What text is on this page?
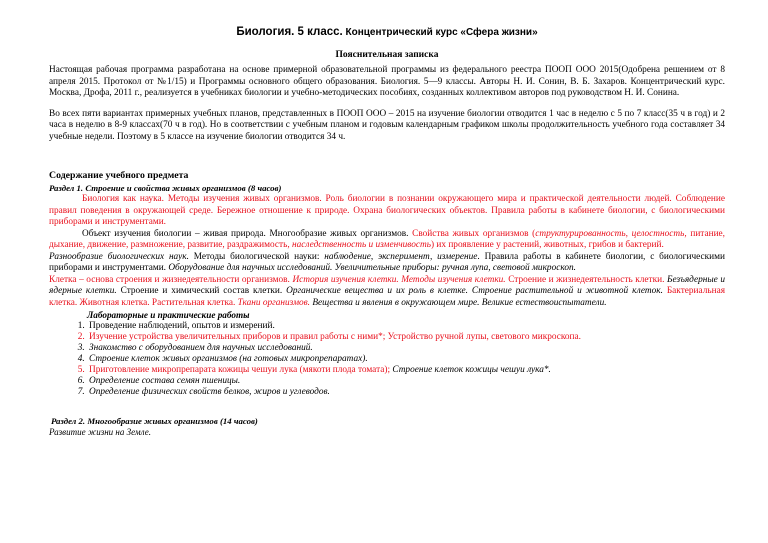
Биология. 5 класс. Концентрический курс «Сфера жизни»
Пояснительная записка

Настоящая рабочая программа разработана на основе примерной образовательной программы из федерального реестра ПООП ООО 2015(Одобрена решением от 8 апреля 2015. Протокол от №1/15) и Программы основного общего образования. Биология. 5—9 классы. Авторы Н. И. Сонин, В. Б. Захаров. Концентрический курс. Москва, Дрофа, 2011 г., реализуется в учебниках биологии и учебно-методических пособиях, созданных коллективом авторов под руководством Н. И. Сонина.

Во всех пяти вариантах примерных учебных планов, представленных в ПООП ООО – 2015 на изучение биологии отводится 1 час в неделю с 5 по 7 класс(35 ч в год) и 2 часа в неделю в 8-9 классах(70 ч в год). Но в соответствии с учебным планом и годовым календарным графиком школы продолжительность учебного года составляет 34 учебные недели. Поэтому в 5 классе на изучение биологии отводится 34 ч.

Содержание учебного предмета
Раздел 1. Строение и свойства живых организмов (8 часов)

Биология как наука. Методы изучения живых организмов. Роль биологии в познании окружающего мира и практической деятельности людей. Соблюдение правил поведения в окружающей среде. Бережное отношение к природе. Охрана биологических объектов. Правила работы в кабинете биологии, с биологическими приборами и инструментами.

Объект изучения биологии – живая природа. Многообразие живых организмов. Свойства живых организмов (структурированность, целостность, питание, дыхание, движение, размножение, развитие, раздражимость, наследственность и изменчивость) их проявление у растений, животных, грибов и бактерий.

Разнообразие биологических наук. Методы биологической науки: наблюдение, эксперимент, измерение. Правила работы в кабинете биологии, с биологическими приборами и инструментами. Оборудование для научных исследований. Увеличительные приборы: ручная лупа, световой микроскоп.

Клетка – основа строения и жизнедеятельности организмов. История изучения клетки. Методы изучения клетки. Строение и жизнедеятельность клетки. Безъядерные и ядерные клетки. Строение и химический состав клетки. Органические вещества и их роль в клетке. Строение растительной и животной клеток. Бактериальная клетка. Животная клетка. Растительная клетка. Ткани организмов. Вещества и явления в окружающем мире. Великие естествоиспытатели.

Лабораторные и практические работы
1. Проведение наблюдений, опытов и измерений.
2. Изучение устройства увеличительных приборов и правил работы с ними*; Устройство ручной лупы, светового микроскопа.
3. Знакомство с оборудованием для научных исследований.
4. Строение клеток живых организмов (на готовых микропрепаратах).
5. Приготовление микропрепарата кожицы чешуи лука (мякоти плода томата); Строение клеток кожицы чешуи лука*.
6. Определение состава семян пшеницы.
7. Определение физических свойств белков, жиров и углеводов.
Раздел 2. Многообразие живых организмов (14 часов)
Развитие жизни на Земле.
